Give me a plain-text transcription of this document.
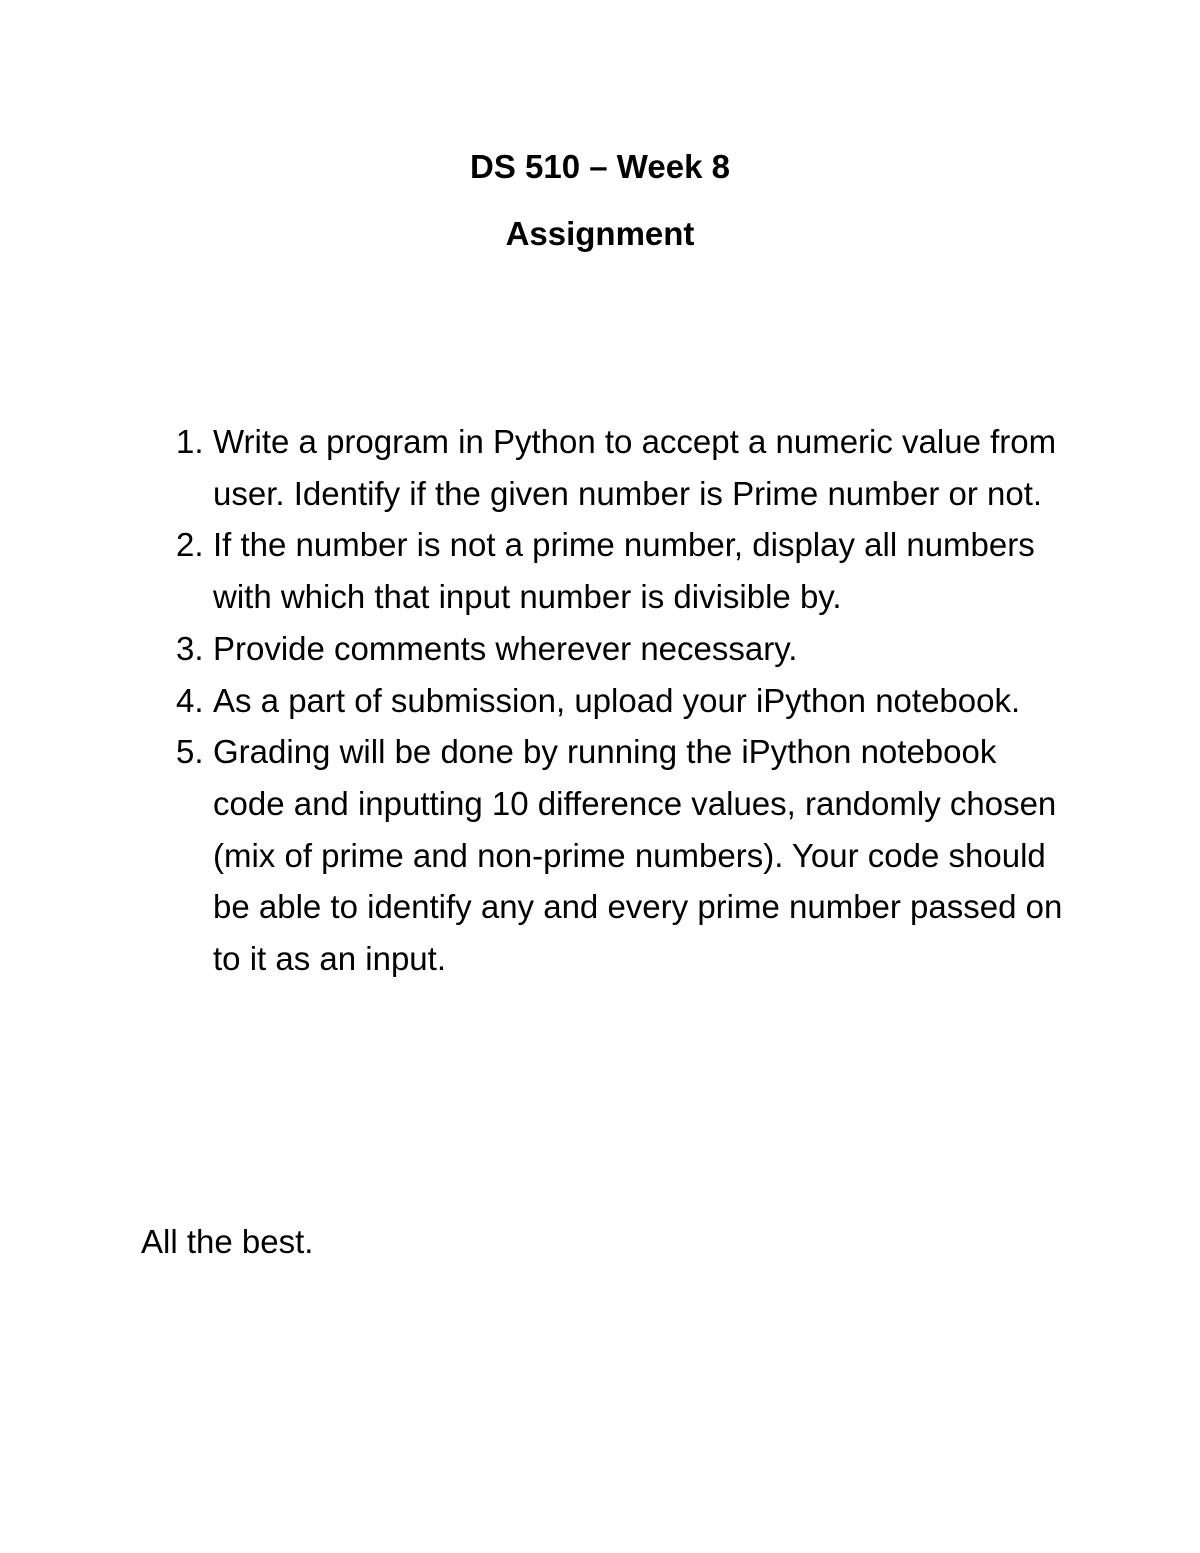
DS 510 – Week 8
Assignment
1. Write a program in Python to accept a numeric value from user. Identify if the given number is Prime number or not.
2. If the number is not a prime number, display all numbers with which that input number is divisible by.
3. Provide comments wherever necessary.
4. As a part of submission, upload your iPython notebook.
5. Grading will be done by running the iPython notebook code and inputting 10 difference values, randomly chosen (mix of prime and non-prime numbers). Your code should be able to identify any and every prime number passed on to it as an input.

All the best.
